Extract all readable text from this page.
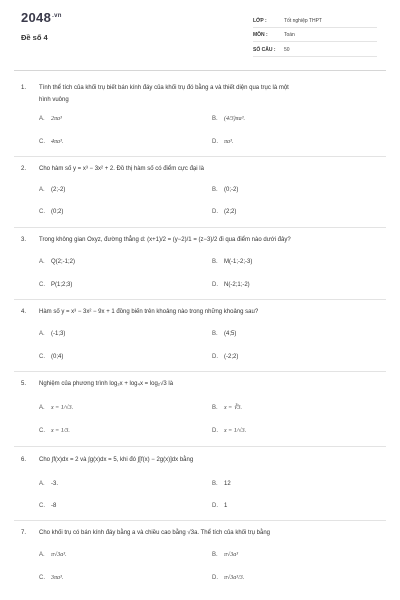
$2048^{.vn}$
Đề số 4
LỚP :	Tốt nghiệp THPT
MÔN :	Toán
SỐ CÂU : 50
1. Tính thể tích của khối trụ biết bán kính đáy của khối trụ đó bằng a và thiết diện qua trục là một
hình vuông
A. 2πa³	B. (4/3)πa³.
C. 4πa³.	D. πa³.
2. Cho hàm số y = x³ − 3x² + 2. Đồ thị hàm số có điểm cực đại là
A. (2;-2)	B. (0;-2)
C. (0;2)	D. (2;2)
3. Trong không gian Oxyz, đường thẳng d: (x+1)/2 = (y−2)/1 = (z−3)/2 đi qua điểm nào dưới đây?
A. Q(2;-1;2)	B. M(-1;-2;-3)
C. P(1;2;3)	D. N(-2;1;-2)
4. Hàm số y = x³ − 3x² − 9x + 1 đồng biến trên khoảng nào trong những khoảng sau?
A. (-1;3)	B. (4;5)
C. (0;4)	D. (-2;2)
5. Nghiệm của phương trình log₂x + log₄x = log₂√3 là
A. x = 1/√3.	B. x = ∛3.
C. x = 1/3.	D. x = 1/√3.
6. Cho ∫f(x)dx = 2 và ∫g(x)dx = 5, khi đó ∫[f(x) − 2g(x)]dx bằng
A. -3.	B. 12
C. -8	D. 1
7. Cho khối trụ có bán kính đáy bằng a và chiều cao bằng √3a. Thể tích của khối trụ bằng
A. π√3a³.	B. π√3a³
C. 3πa³.	D. π√3a³/3.
